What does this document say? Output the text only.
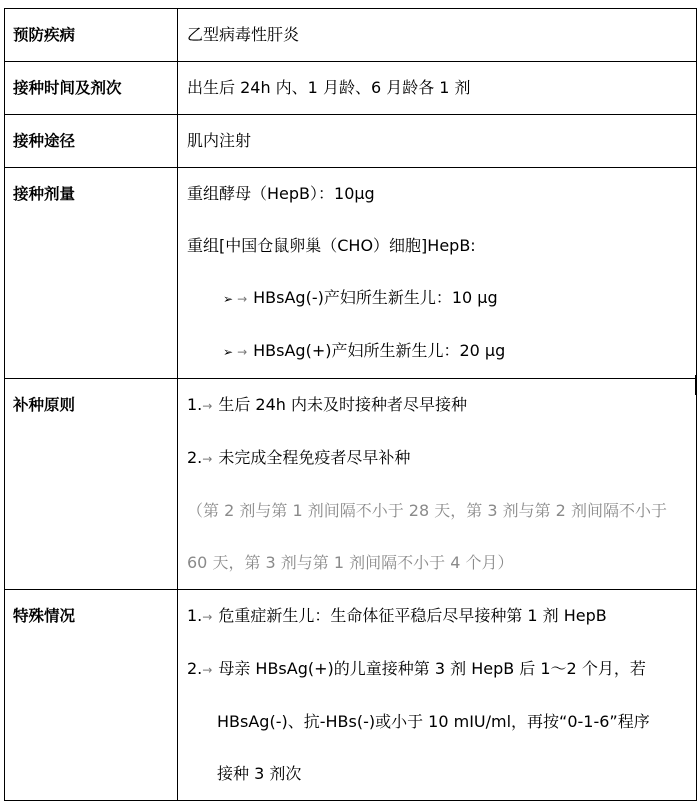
预防疾病	乙型病毒性肝炎

接种时间及剂次	出生后 24h 内、1 月龄、6 月龄各 1 剂

接种途径	肌内注射

接种剂量	重组酵母（HepB）：10μg
重组[中国仓鼠卵巢（CHO）细胞]HepB:
➢ → HBsAg(-)产妇所生新生儿：10 μg
➢ → HBsAg(+)产妇所生新生儿：20 μg

补种原则	1.→ 生后 24h 内未及时接种者尽早接种
2.→ 未完成全程免疫者尽早补种
（第 2 剂与第 1 剂间隔不小于 28 天，第 3 剂与第 2 剂间隔不小于
60 天，第 3 剂与第 1 剂间隔不小于 4 个月）

特殊情况	1.→ 危重症新生儿：生命体征平稳后尽早接种第 1 剂 HepB
2.→ 母亲 HBsAg(+)的儿童接种第 3 剂 HepB 后 1～2 个月，若
HBsAg(-)、抗-HBs(-)或小于 10 mIU/ml，再按“0-1-6”程序
接种 3 剂次
